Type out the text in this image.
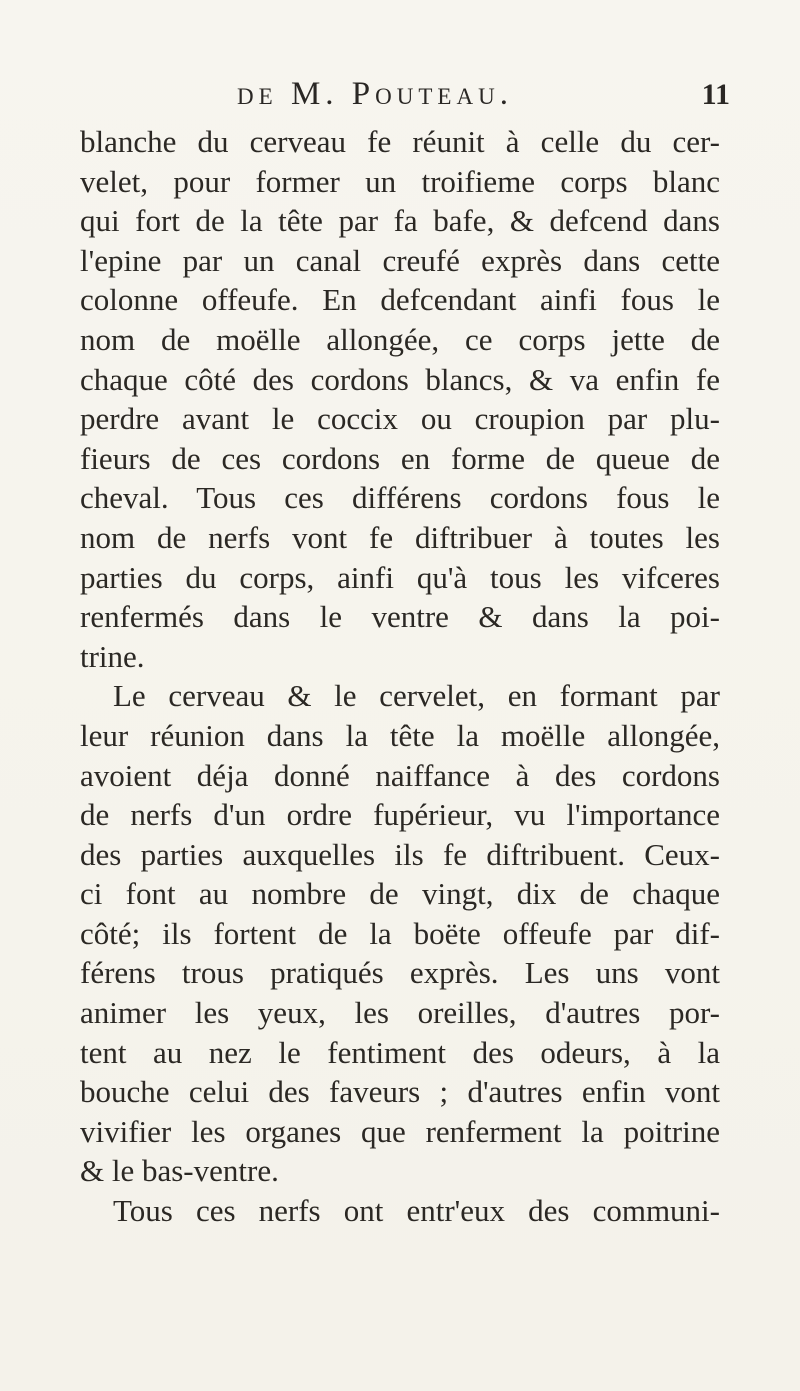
de M. Pouteau.	11
blanche du cerveau fe réunit à celle du cer-
velet, pour former un troifieme corps blanc
qui fort de la tête par fa bafe, & defcend dans
l'epine par un canal creufé exprès dans cette
colonne offeufe. En defcendant ainfi fous le
nom de moëlle allongée, ce corps jette de
chaque côté des cordons blancs, & va enfin fe
perdre avant le coccix ou croupion par plu-
fieurs de ces cordons en forme de queue de
cheval. Tous ces différens cordons fous le
nom de nerfs vont fe diftribuer à toutes les
parties du corps, ainfi qu'à tous les vifceres
renfermés dans le ventre & dans la poi-
trine.
Le cerveau & le cervelet, en formant par
leur réunion dans la tête la moëlle allongée,
avoient déja donné naiffance à des cordons
de nerfs d'un ordre fupérieur, vu l'importance
des parties auxquelles ils fe diftribuent. Ceux-
ci font au nombre de vingt, dix de chaque
côté; ils fortent de la boëte offeufe par dif-
férens trous pratiqués exprès. Les uns vont
animer les yeux, les oreilles, d'autres por-
tent au nez le fentiment des odeurs, à la
bouche celui des faveurs ; d'autres enfin vont
vivifier les organes que renferment la poitrine
& le bas-ventre.
Tous ces nerfs ont entr'eux des communi-
